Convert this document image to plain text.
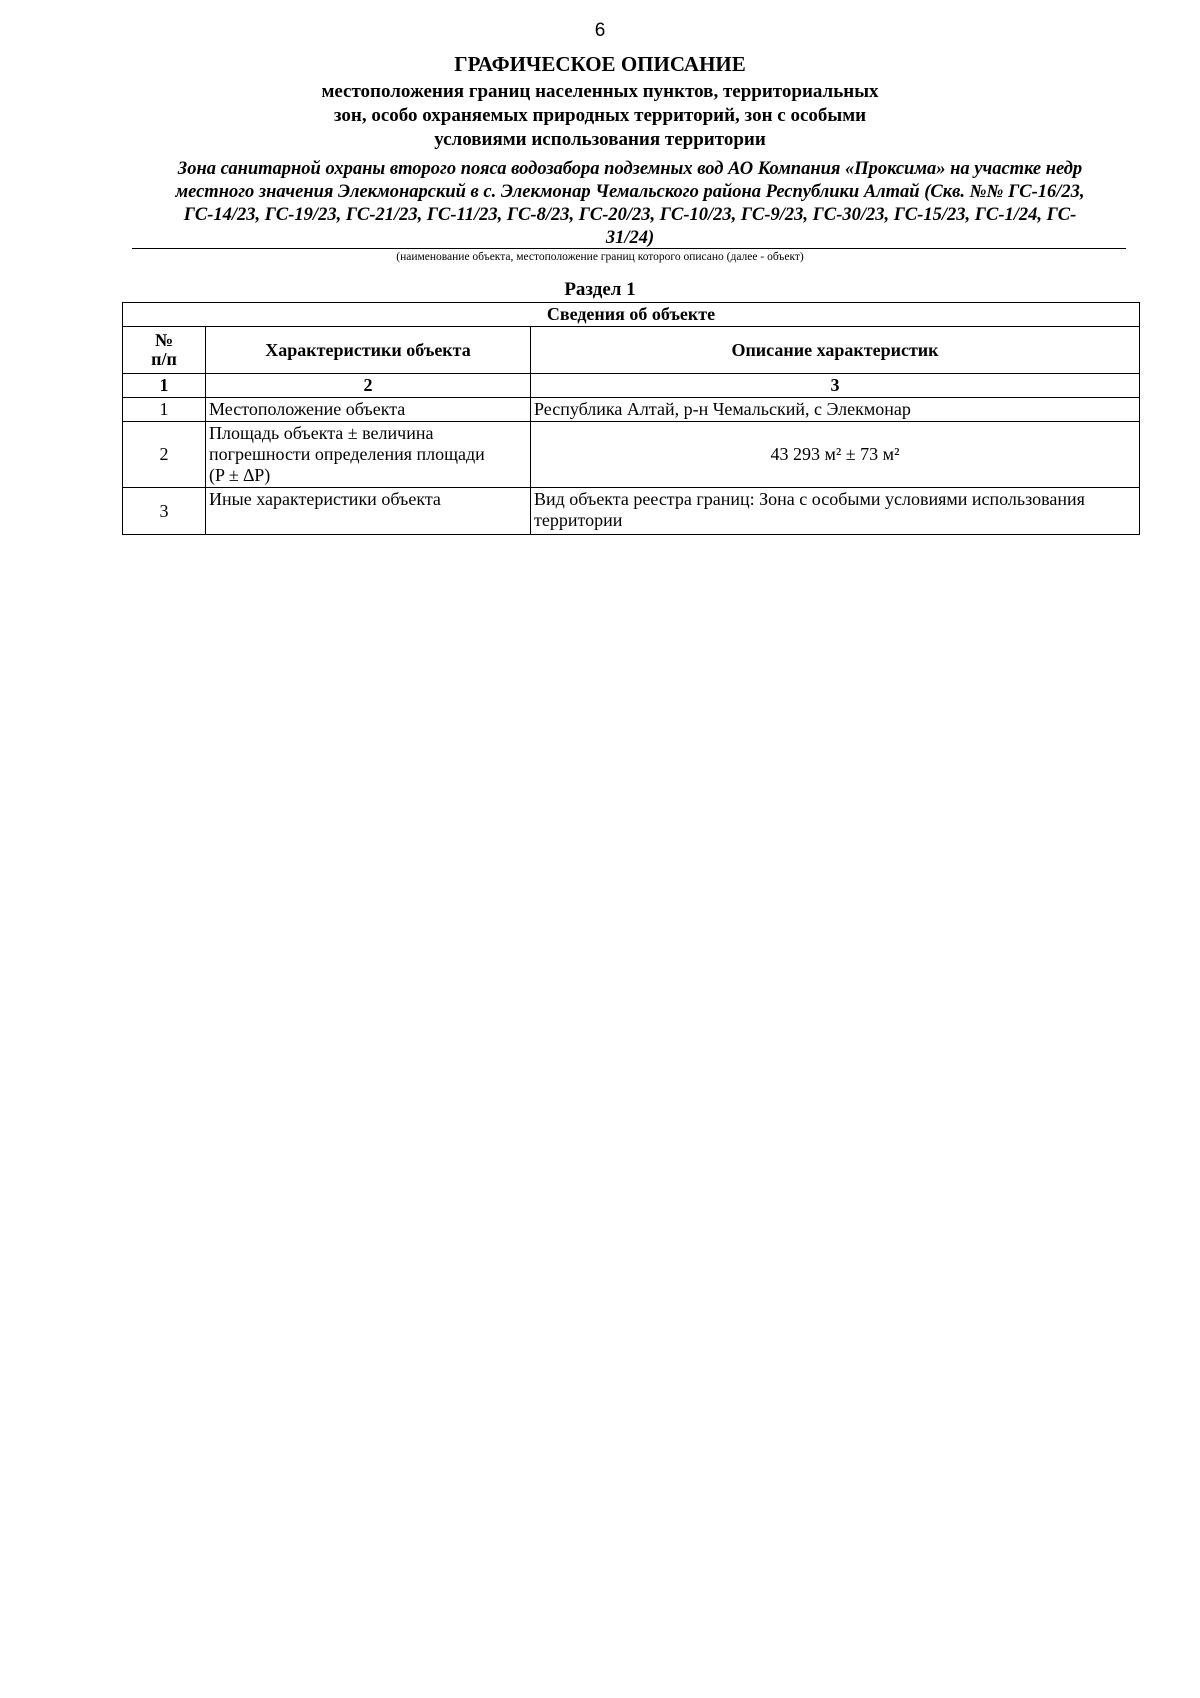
6
ГРАФИЧЕСКОЕ ОПИСАНИЕ
местоположения границ населенных пунктов, территориальных
зон, особо охраняемых природных территорий, зон с особыми
условиями использования территории
Зона санитарной охраны второго пояса водозабора подземных вод АО Компания «Проксима» на участке недр
местного значения Элекмонарский в с. Элекмонар Чемальского района Республики Алтай (Скв. №№ ГС-16/23,
ГС-14/23, ГС-19/23, ГС-21/23, ГС-11/23, ГС-8/23, ГС-20/23, ГС-10/23, ГС-9/23, ГС-30/23, ГС-15/23, ГС-1/24, ГС-
31/24)
(наименование объекта, местоположение границ которого описано (далее - объект)
Раздел 1
Сведения об объекте		

№
п/п	Характеристики объекта	Описание характеристик
1	2	3
1	Местоположение объекта	Республика Алтай, р-н Чемальский, с Элекмонар
2	Площадь объекта ± величина
погрешности определения площади
(P ± ∆P)	43 293 м² ± 73 м²
3	Иные характеристики объекта	Вид объекта реестра границ: Зона с особыми условиями использования территории
